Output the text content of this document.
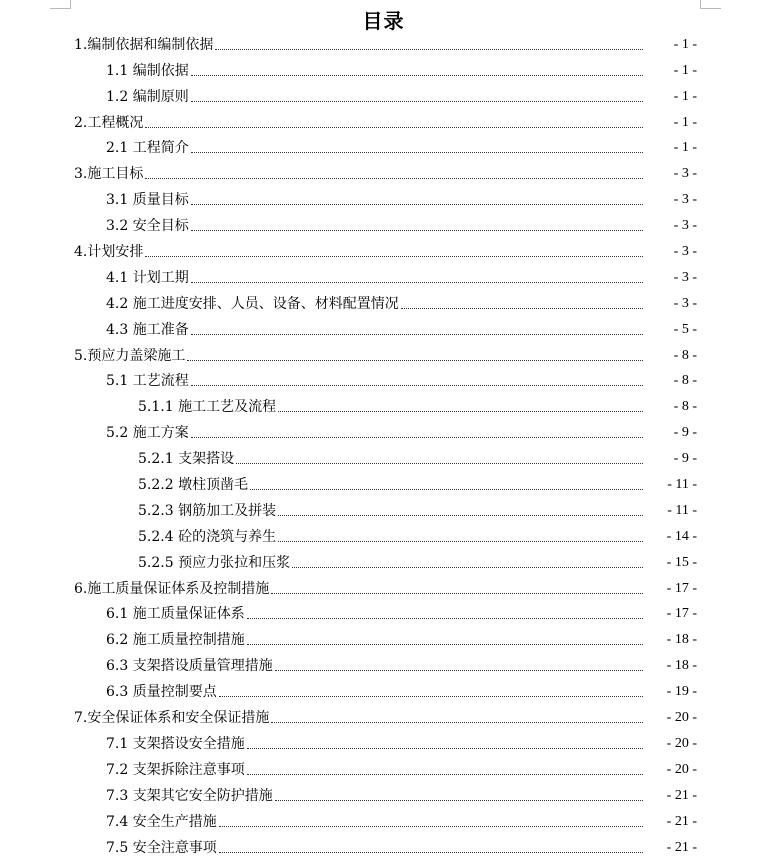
目录
1.编制依据和编制依据	- 1 -
1.1 编制依据	- 1 -
1.2 编制原则	- 1 -
2.工程概况	- 1 -
2.1 工程简介	- 1 -
3.施工目标	- 3 -
3.1 质量目标	- 3 -
3.2 安全目标	- 3 -
4.计划安排	- 3 -
4.1 计划工期	- 3 -
4.2 施工进度安排、人员、设备、材料配置情况	- 3 -
4.3 施工准备	- 5 -
5.预应力盖梁施工	- 8 -
5.1 工艺流程	- 8 -
5.1.1 施工工艺及流程	- 8 -
5.2 施工方案	- 9 -
5.2.1 支架搭设	- 9 -
5.2.2 墩柱顶凿毛	- 11 -
5.2.3 钢筋加工及拼装	- 11 -
5.2.4 砼的浇筑与养生	- 14 -
5.2.5 预应力张拉和压浆	- 15 -
6.施工质量保证体系及控制措施	- 17 -
6.1 施工质量保证体系	- 17 -
6.2 施工质量控制措施	- 18 -
6.3 支架搭设质量管理措施	- 18 -
6.3 质量控制要点	- 19 -
7.安全保证体系和安全保证措施	- 20 -
7.1 支架搭设安全措施	- 20 -
7.2 支架拆除注意事项	- 20 -
7.3 支架其它安全防护措施	- 21 -
7.4 安全生产措施	- 21 -
7.5 安全注意事项	- 21 -
